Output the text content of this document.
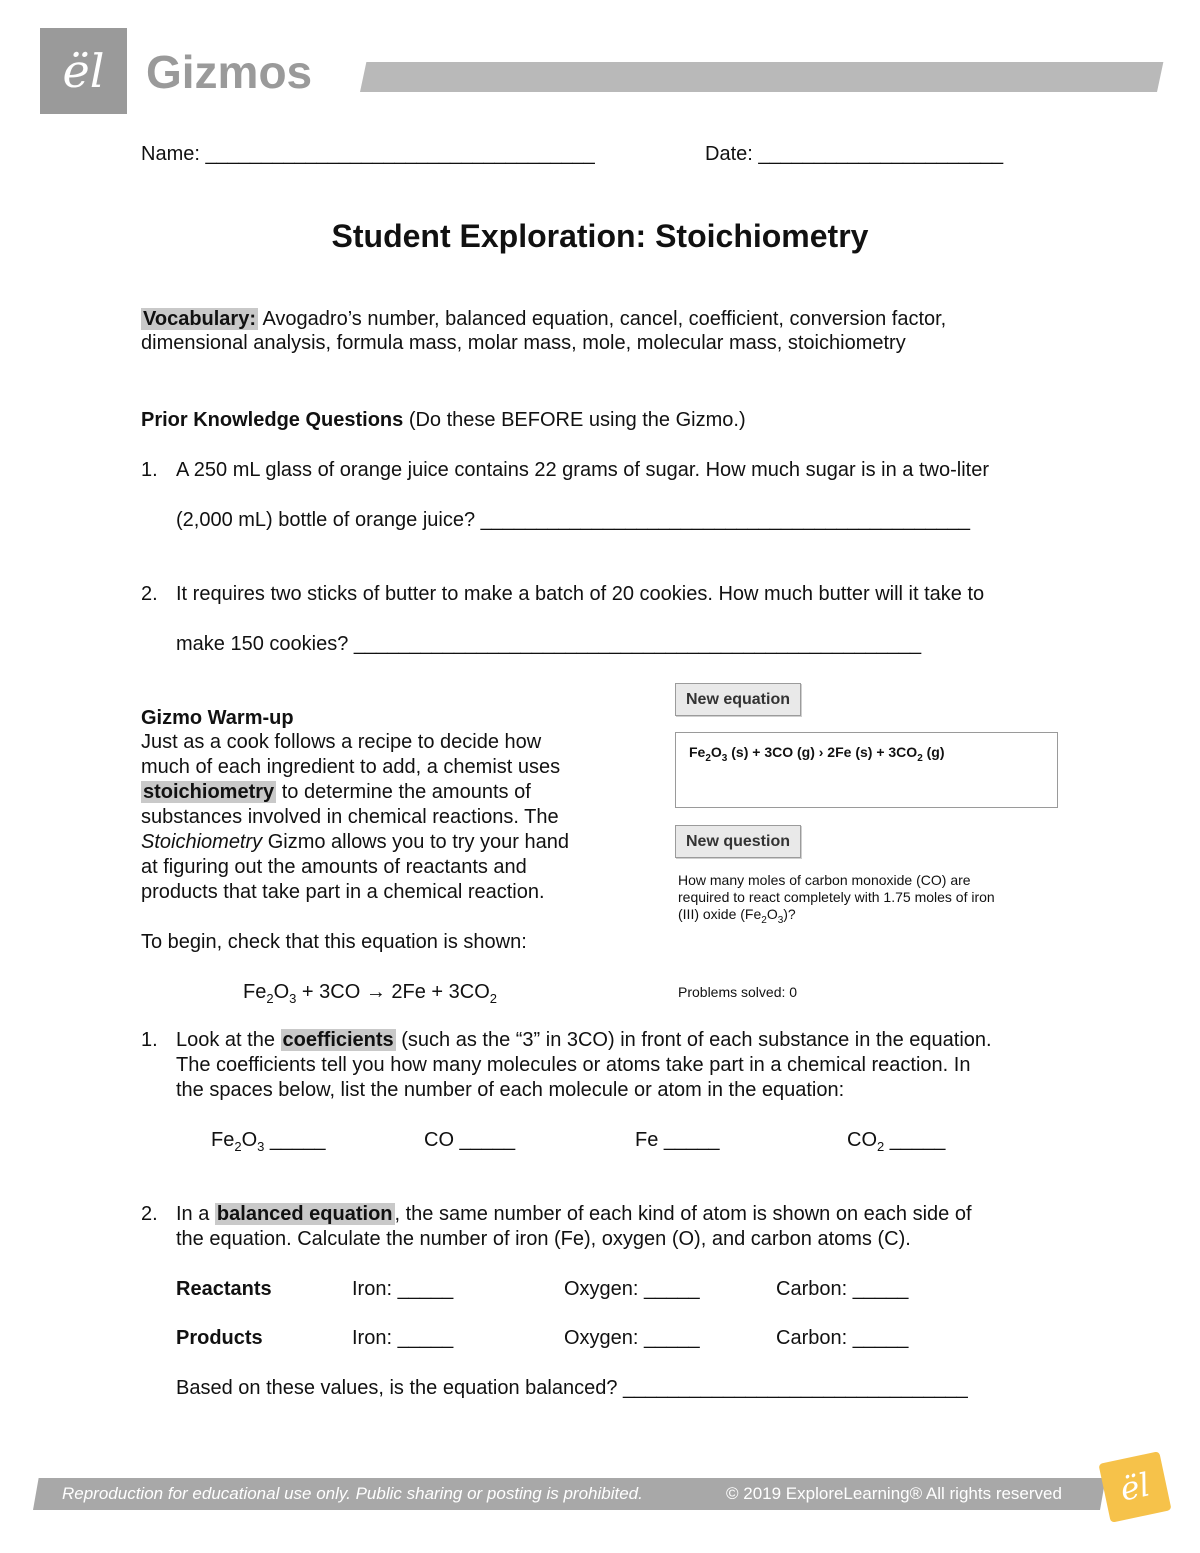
ël Gizmos
Name: ___________________________________	Date: ______________________
Student Exploration: Stoichiometry
Vocabulary: Avogadro’s number, balanced equation, cancel, coefficient, conversion factor,
dimensional analysis, formula mass, molar mass, mole, molecular mass, stoichiometry
Prior Knowledge Questions (Do these BEFORE using the Gizmo.)
1. A 250 mL glass of orange juice contains 22 grams of sugar. How much sugar is in a two-liter
(2,000 mL) bottle of orange juice? ____________________________________________
2. It requires two sticks of butter to make a batch of 20 cookies. How much butter will it take to
make 150 cookies? ___________________________________________________
Gizmo Warm-up
Just as a cook follows a recipe to decide how
much of each ingredient to add, a chemist uses
stoichiometry to determine the amounts of
substances involved in chemical reactions. The
Stoichiometry Gizmo allows you to try your hand
at figuring out the amounts of reactants and
products that take part in a chemical reaction.
To begin, check that this equation is shown:
$Fe_2O_3 + 3CO \to 2Fe + 3CO_2$
New equation
$Fe_2O_3$ (s) + 3CO (g) › 2Fe $(s) + 3CO_2$ (g)
New question
How many moles of carbon monoxide (CO) are
required to react completely with 1.75 moles of iron
(III) oxide $(Fe_2O_3)$?
Problems solved: 0
1. Look at the coefficients (such as the “3” in 3CO) in front of each substance in the equation.
The coefficients tell you how many molecules or atoms take part in a chemical reaction. In
the spaces below, list the number of each molecule or atom in the equation:
$Fe_2O_3$ _____	CO _____	Fe _____	$CO_2$ _____
2. In a balanced equation , the same number of each kind of atom is shown on each side of
the equation. Calculate the number of iron (Fe), oxygen (O), and carbon atoms (C).
Reactants	Iron: _____	Oxygen: _____	Carbon: _____
Products	Iron: _____	Oxygen: _____	Carbon: _____
Based on these values, is the equation balanced? _______________________________
Reproduction for educational use only. Public sharing or posting is prohibited.	© 2019 ExploreLearning® All rights reserved	ël
